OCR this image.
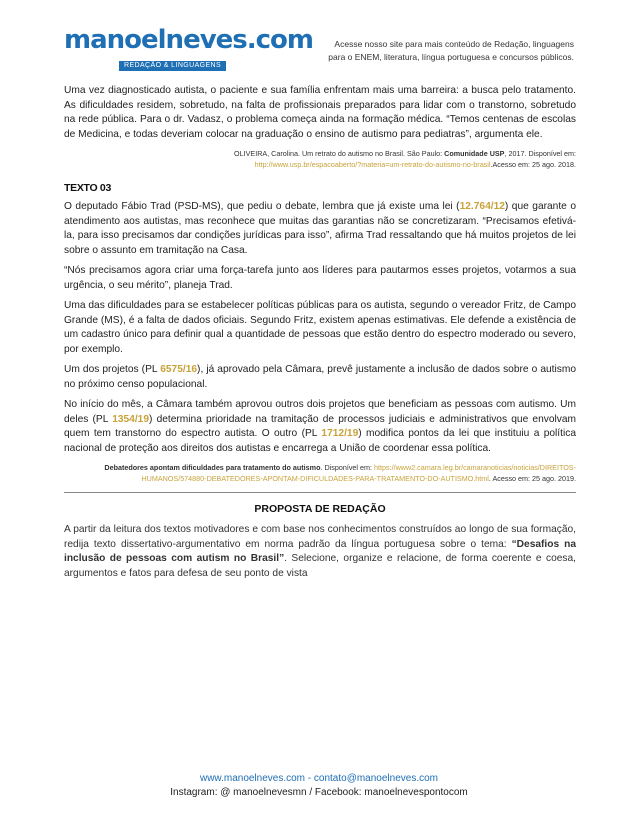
manoelneves.com
REDAÇÃO & LINGUAGENS
Acesse nosso site para mais conteúdo de Redação, linguagens
para o ENEM, literatura, língua portuguesa e concursos públicos.

Uma vez diagnosticado autista, o paciente e sua família enfrentam mais uma barreira: a busca pelo tratamento. As dificuldades residem, sobretudo, na falta de profissionais preparados para lidar com o transtorno, sobretudo na rede pública. Para o dr. Vadasz, o problema começa ainda na formação médica. “Temos centenas de escolas de Medicina, e todas deveriam colocar na graduação o ensino de autismo para pediatras”, argumenta ele.

OLIVEIRA, Carolina. Um retrato do autismo no Brasil. São Paulo: Comunidade USP, 2017. Disponível em:
http://www.usp.br/espacoaberto/?materia=um-retrato-do-autismo-no-brasil.Acesso em: 25 ago. 2018.
TEXTO 03

O deputado Fábio Trad (PSD-MS), que pediu o debate, lembra que já existe uma lei (12.764/12) que garante o atendimento aos autistas, mas reconhece que muitas das garantias não se concretizaram. “Precisamos efetivá-la, para isso precisamos dar condições jurídicas para isso”, afirma Trad ressaltando que há muitos projetos de lei sobre o assunto em tramitação na Casa.

“Nós precisamos agora criar uma força-tarefa junto aos líderes para pautarmos esses projetos, votarmos a sua urgência, o seu mérito”, planeja Trad.

Uma das dificuldades para se estabelecer políticas públicas para os autista, segundo o vereador Fritz, de Campo Grande (MS), é a falta de dados oficiais. Segundo Fritz, existem apenas estimativas. Ele defende a existência de um cadastro único para definir qual a quantidade de pessoas que estão dentro do espectro moderado ou severo, por exemplo.

Um dos projetos (PL 6575/16), já aprovado pela Câmara, prevê justamente a inclusão de dados sobre o autismo no próximo censo populacional.

No início do mês, a Câmara também aprovou outros dois projetos que beneficiam as pessoas com autismo. Um deles (PL 1354/19) determina prioridade na tramitação de processos judiciais e administrativos que envolvam quem tem transtorno do espectro autista. O outro (PL 1712/19) modifica pontos da lei que instituiu a política nacional de proteção aos direitos dos autistas e encarrega a União de coordenar essa política.

Debatedores apontam dificuldades para tratamento do autismo. Disponível em: https://www2.camara.leg.br/camaranoticias/noticias/DIREITOS-HUMANOS/574880-DEBATEDORES-APONTAM-DIFICULDADES-PARA-TRATAMENTO-DO-AUTISMO.html. Acesso em: 25 ago. 2019.
PROPOSTA DE REDAÇÃO

A partir da leitura dos textos motivadores e com base nos conhecimentos construídos ao longo de sua formação, redija texto dissertativo-argumentativo em norma padrão da língua portuguesa sobre o tema: “Desafios na inclusão de pessoas com autism no Brasil”. Selecione, organize e relacione, de forma coerente e coesa, argumentos e fatos para defesa de seu ponto de vista

www.manoelneves.com - contato@manoelneves.com
Instagram: @ manoelnevesmn / Facebook: manoelnevespontocom
